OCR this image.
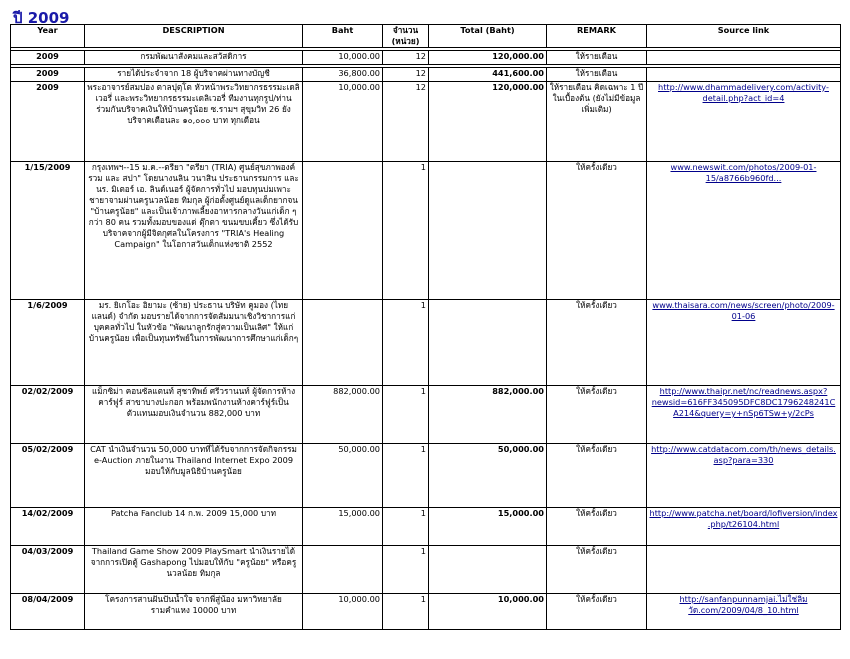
ปี 2009
Year	DESCRIPTION	Baht	จำนวน (หน่วย)	Total (Baht)	REMARK	Source link

2009	กรมพัฒนาสังคมและสวัสดิการ	10,000.00	12	120,000.00	ให้รายเดือน	

2009	รายได้ประจำจาก 18 ผู้บริจาคผ่านทางบัญชี	36,800.00	12	441,600.00	ให้รายเดือน	
2009	พระอาจารย์สมปอง ตาลปุตฺโต หัวหน้าพระวิทยากรธรรมะเดลิเวอรี่ และพระวิทยากรธรรมะเดลิเวอรี่ ทีมงานทุกรูป/ท่าน ร่วมกันบริจาคเงินให้บ้านครูน้อย ซ.รามฯ สุขุมวิท 26 ยังบริจาคเดือนละ ๑๐,๐๐๐ บาท ทุกเดือน	10,000.00	12	120,000.00	ให้รายเดือน คิดเฉพาะ 1 ปีในเบื้องต้น (ยังไม่มีข้อมูลเพิ่มเติม)	http://www.dhammadelivery.com/activity-detail.php?act_id=4
1/15/2009	กรุงเทพฯ--15 ม.ค.--ตรียา "ตรียา (TRIA) ศูนย์สุขภาพองค์รวม และ สปา" โดยนางนลิน วนาสิน ประธานกรรมการ และ นร. มิเตอร์ เอ. ลินด์เนอร์ ผู้จัดการทั่วไป มอบทุนบ่มเพาะ ชายาจามผ่านครูนวลน้อย ทิมกุล ผู้ก่อตั้งศูนย์ดูแลเด็กยากจน "บ้านครูน้อย" และเป็นเจ้าภาพเลี้ยงอาหารกลางวันแก่เด็ก ๆกว่า 80 คน รวมทั้งมอบของแด่ ตุ๊กตา ขนมขบเคี้ยว ซึ่งได้รับบริจาคจากผู้มีจิตกุศลในโครงการ "TRIA's Healing Campaign" ในโอกาสวันเด็กแห่งชาติ 2552		1		ให้ครั้งเดียว	www.newswit.com/photos/2009-01-15/a8766b960fd...
1/6/2009	มร. ยิเกโอะ อิยามะ (ซ้าย) ประธาน บริษัท คูมอง (ไทยแลนด์) จำกัด มอบรายได้จากการจัดสัมมนาเชิงวิชาการแก่บุคคลทั่วไป ในหัวข้อ "พัฒนาลูกรักสู่ความเป็นเลิศ" ให้แก่บ้านครูน้อย เพื่อเป็นทุนทรัพย์ในการพัฒนาการศึกษาแก่เด็กๆ		1		ให้ครั้งเดียว	www.thaisara.com/news/screen/photo/2009-01-06
02/02/2009	แม็กซิม่า คอนซัลแตนท์ สุชาทิพย์ ศรีวรานนท์ ผู้จัดการห้างคาร์ฟูร์ สาขาบางปะกอก พร้อมพนักงานห้างคาร์ฟูร์เป็นตัวแทนมอบเงินจำนวน 882,000 บาท	882,000.00	1	882,000.00	ให้ครั้งเดียว	http://www.thaipr.net/nc/readnews.aspx?newsid=616FF345095DFC8DC1796248241CA214&query=y+nSp6TSw+y/2cPs
05/02/2009	CAT นำเงินจำนวน 50,000 บาทที่ได้รับจากการจัดกิจกรรม e-Auction ภายในงาน Thailand Internet Expo 2009 มอบให้กับมูลนิธิบ้านครูน้อย	50,000.00	1	50,000.00	ให้ครั้งเดียว	http://www.catdatacom.com/th/news_details.asp?para=330
14/02/2009	Patcha Fanclub 14 ก.พ. 2009 15,000 บาท	15,000.00	1	15,000.00	ให้ครั้งเดียว	http://www.patcha.net/board/lofiversion/index.php/t26104.html
04/03/2009	Thailand Game Show 2009 PlaySmart นำเงินรายได้จากการเปิดตู้ Gashapong ไปมอบให้กับ "ครูน้อย" หรือครูนวลน้อย ทิมกุล		1		ให้ครั้งเดียว	
08/04/2009	โครงการสานฝันปันน้ำใจ จากพี่สู่น้อง มหาวิทยาลัยรามคำแหง 10000 บาท	10,000.00	1	10,000.00	ให้ครั้งเดียว	http://sanfanpunnamjai.ไม่ใช่ลิ่มวัด.com/2009/04/8_10.html
